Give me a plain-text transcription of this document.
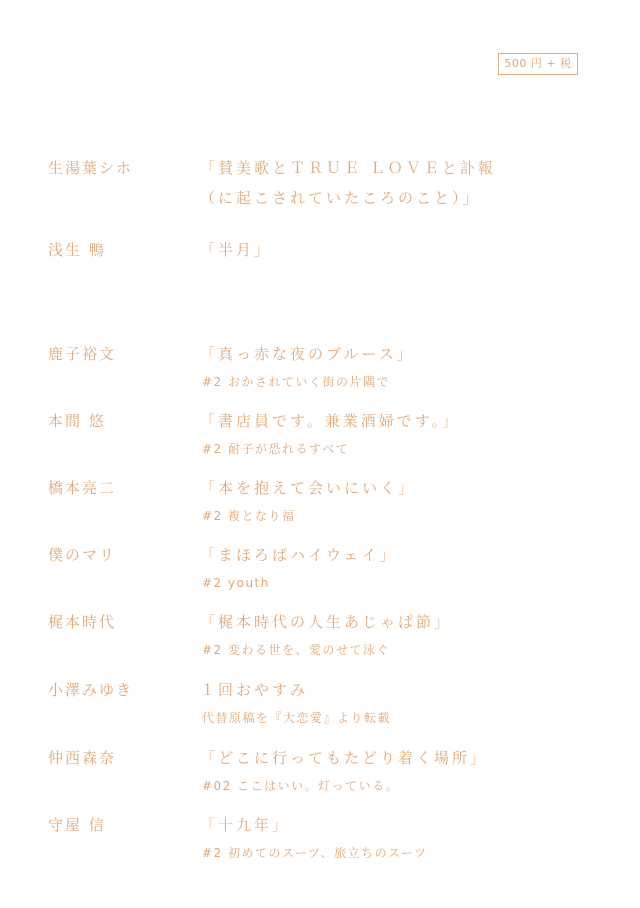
500 円 + 税
生湯葉シホ	「賛美歌とＴＲＵＥ ＬＯＶＥと訃報
（に起こされていたころのこと）」
浅生 鴨	「半月」
鹿子裕文	「真っ赤な夜のブルース」
#2 おかされていく街の片隅で
本間 悠	「書店員です。兼業酒婦です。」
#2 耐子が恐れるすべて
橋本亮二	「本を抱えて会いにいく」
#2 複となり福
僕のマリ	「まほろばハイウェイ」
#2 youth
梶本時代	「梶本時代の人生あじゃぱ節」
#2 変わる世を、愛のせて泳ぐ
小澤みゆき	１回おやすみ
代替原稿を『大恋愛』より転載
仲西森奈	「どこに行ってもたどり着く場所」
#02 ここはいい。灯っている。
守屋 信	「十九年」
#2 初めてのスーツ、旅立ちのスーツ
